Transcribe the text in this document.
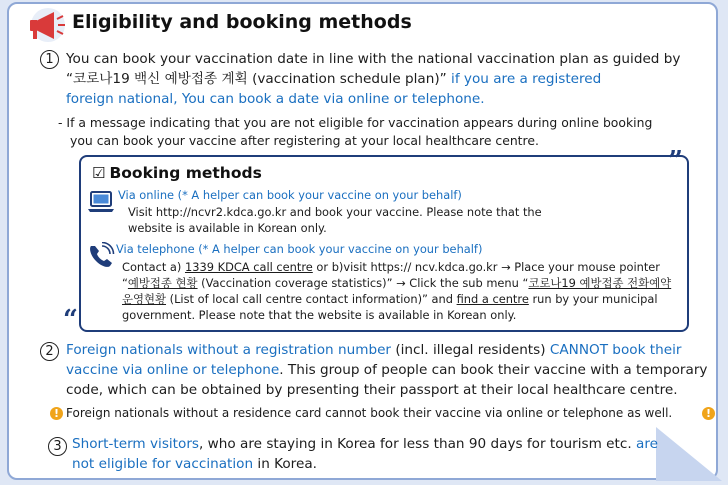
Eligibility and booking methods
1 You can book your vaccination date in line with the national vaccination plan as guided by
“코로나19 백신 예방접종 계획 (vaccination schedule plan)” if you are a registered
foreign national, You can book a date via online or telephone.
- If a message indicating that you are not eligible for vaccination appears during online booking
you can book your vaccine after registering at your local healthcare centre.
”
“
☑ Booking methods
Via online (* A helper can book your vaccine on your behalf)
Visit http://ncvr2.kdca.go.kr and book your vaccine. Please note that the
website is available in Korean only.
Via telephone (* A helper can book your vaccine on your behalf)
Contact a) 1339 KDCA call centre or b)visit https:// ncv.kdca.go.kr → Place your mouse pointer
“예방접종 현황 (Vaccination coverage statistics)” → Click the sub menu “코로나19 예방접종 전화예약
운영현황 (List of local call centre contact information)” and find a centre run by your municipal
government. Please note that the website is available in Korean only.
2 Foreign nationals without a registration number (incl. illegal residents) CANNOT book their
vaccine via online or telephone. This group of people can book their vaccine with a temporary
code, which can be obtained by presenting their passport at their local healthcare centre.
! Foreign nationals without a residence card cannot book their vaccine via online or telephone as well.	!
3 Short-term visitors, who are staying in Korea for less than 90 days for tourism etc. are
not eligible for vaccination in Korea.
